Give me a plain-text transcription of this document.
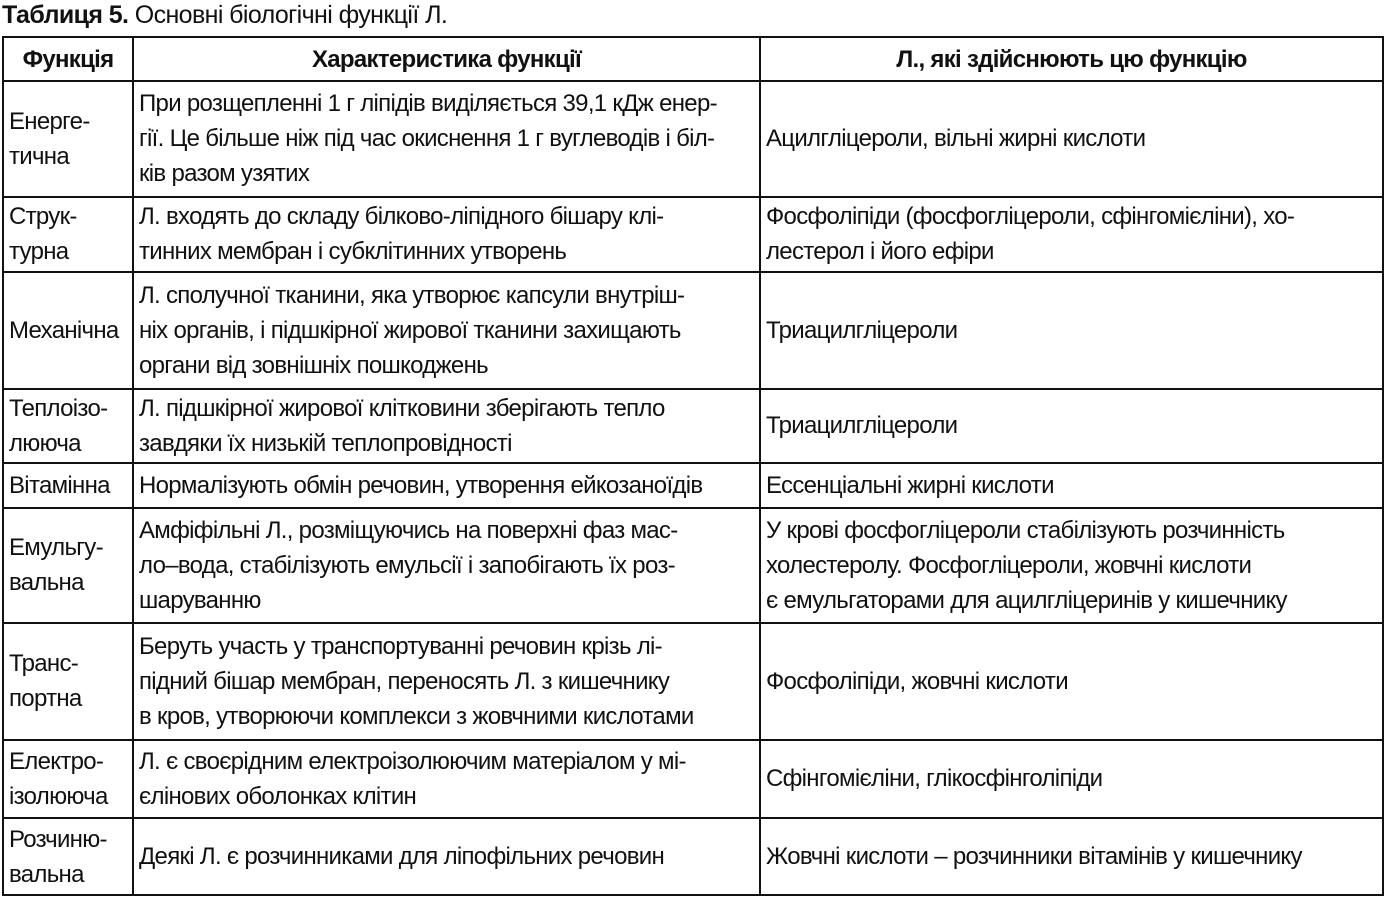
Таблиця 5. Основні біологічні функції Л.
Функція	Характеристика функції	Л., які здійснюють цю функцію

Енерге-
тична	При розщепленні 1 г ліпідів виділяється 39,1 кДж енер-
гії. Це більше ніж під час окиснення 1 г вуглеводів і біл-
ків разом узятих	Ацилгліцероли, вільні жирні кислоти

Струк-
турна	Л. входять до складу білково-ліпідного бішару клі-
тинних мембран і субклітинних утворень	Фосфоліпіди (фосфогліцероли, сфінгомієліни), хо-
лестерол і його ефіри

Механічна	Л. сполучної тканини, яка утворює капсули внутріш-
ніх органів, і підшкірної жирової тканини захищають
органи від зовнішніх пошкоджень	Триацилгліцероли

Теплоізо-
лююча	Л. підшкірної жирової клітковини зберігають тепло
завдяки їх низькій теплопровідності	Триацилгліцероли

Вітамінна	Нормалізують обмін речовин, утворення ейкозаноїдів	Ессенціальні жирні кислоти

Емульгу-
вальна	Амфіфільні Л., розміщуючись на поверхні фаз мас-
ло–вода, стабілізують емульсії і запобігають їх роз-
шаруванню	У крові фосфогліцероли стабілізують розчинність
холестеролу. Фосфогліцероли, жовчні кислоти
є емульгаторами для ацилгліцеринів у кишечнику

Транс-
портна	Беруть участь у транспортуванні речовин крізь лі-
підний бішар мембран, переносять Л. з кишечнику
в кров, утворюючи комплекси з жовчними кислотами	Фосфоліпіди, жовчні кислоти

Електро-
ізолююча	Л. є своєрідним електроізолюючим матеріалом у мі-
єлінових оболонках клітин	Сфінгомієліни, глікосфінголіпіди

Розчиню-
вальна	Деякі Л. є розчинниками для ліпофільних речовин	Жовчні кислоти – розчинники вітамінів у кишечнику
